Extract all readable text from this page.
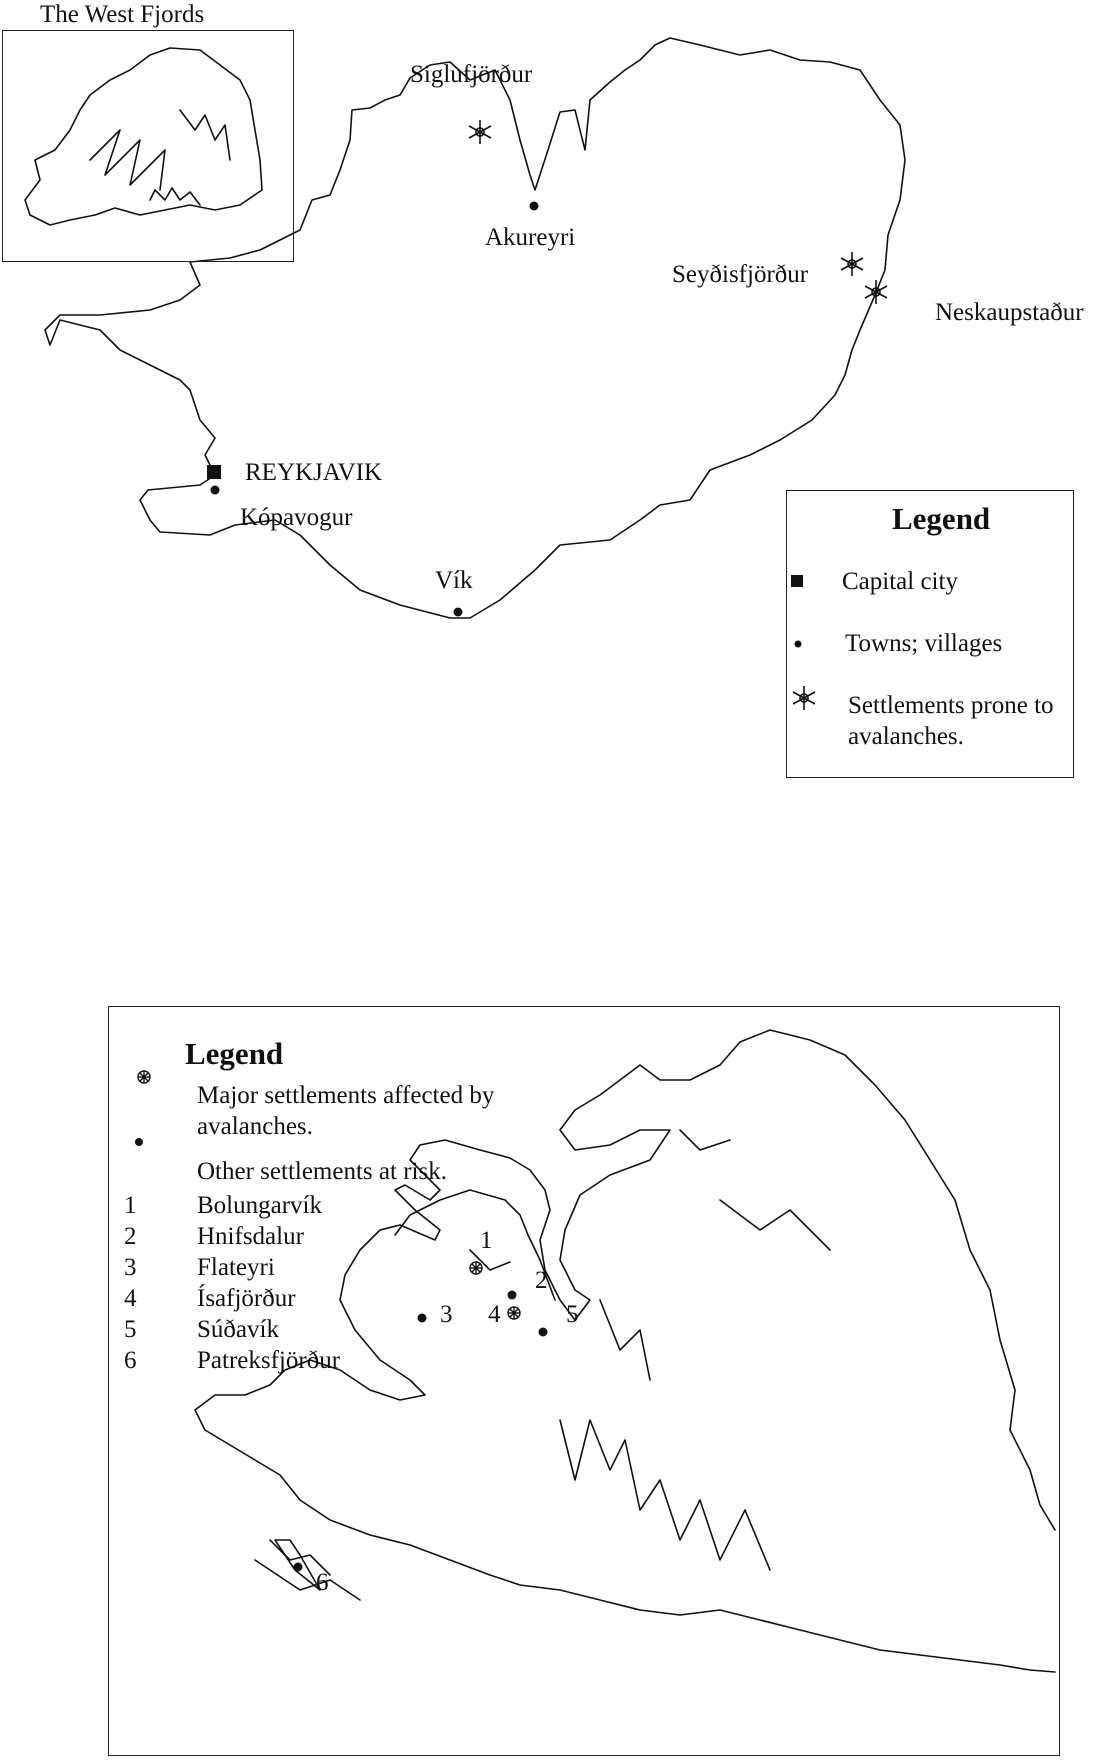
The West Fjords
Siglufjörður
Akureyri
Seyðisfjörður
Neskaupstaður
REYKJAVIK
Kópavogur
Vík
Legend
Capital city
Towns; villages
Settlements prone to avalanches.
1
2
3 4	5
6
Legend
Major settlements affected by avalanches.
Other settlements at risk.
1 Bolungarvík
2 Hnifsdalur
3 Flateyri
4 Ísafjörður
5 Súðavík
6 Patreksfjörður
